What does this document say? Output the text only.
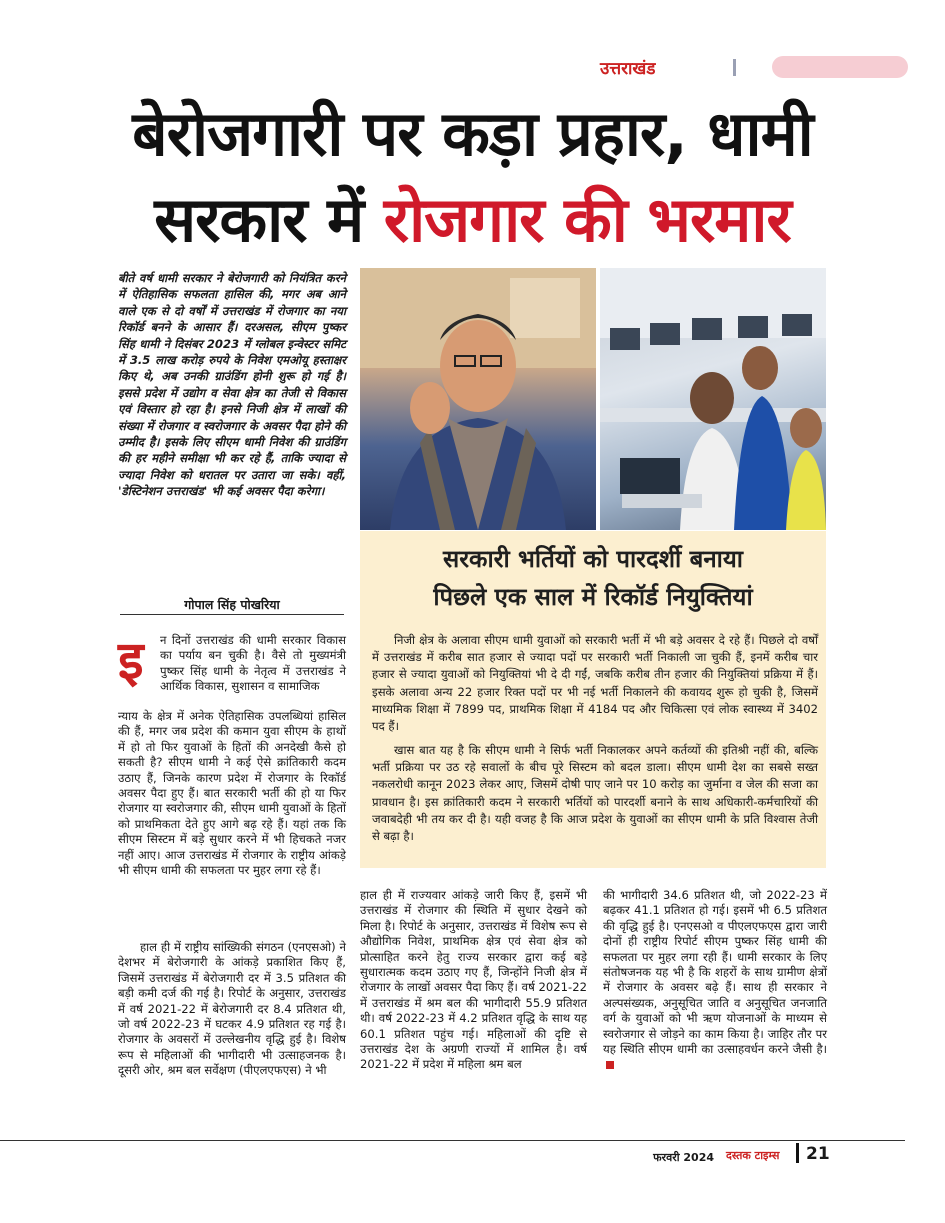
उत्तराखंड
बेरोजगारी पर कड़ा प्रहार, धामी
सरकार में रोजगार की भरमार
बीते वर्ष धामी सरकार ने बेरोजगारी को नियंत्रित करने में ऐतिहासिक सफलता हासिल की, मगर अब आने वाले एक से दो वर्षों में उत्तराखंड में रोजगार का नया रिकॉर्ड बनने के आसार हैं। दरअसल, सीएम पुष्कर सिंह धामी ने दिसंबर 2023 में ग्लोबल इन्वेस्टर समिट में 3.5 लाख करोड़ रुपये के निवेश एमओयू हस्ताक्षर किए थे, अब उनकी ग्राउंडिंग होनी शुरू हो गई है। इससे प्रदेश में उद्योग व सेवा क्षेत्र का तेजी से विकास एवं विस्तार हो रहा है। इनसे निजी क्षेत्र में लाखों की संख्या में रोजगार व स्वरोजगार के अवसर पैदा होने की उम्मीद है। इसके लिए सीएम धामी निवेश की ग्राउंडिंग की हर महीने समीक्षा भी कर रहे हैं, ताकि ज्यादा से ज्यादा निवेश को धरातल पर उतारा जा सके। वहीं, 'डेस्टिनेशन उत्तराखंड' भी कई अवसर पैदा करेगा।
गोपाल सिंह पोखरिया
सरकारी भर्तियों को पारदर्शी बनाया
पिछले एक साल में रिकॉर्ड नियुक्तियां
निजी क्षेत्र के अलावा सीएम धामी युवाओं को सरकारी भर्ती में भी बड़े अवसर दे रहे हैं। पिछले दो वर्षों में उत्तराखंड में करीब सात हजार से ज्यादा पदों पर सरकारी भर्ती निकाली जा चुकी हैं, इनमें करीब चार हजार से ज्यादा युवाओं को नियुक्तियां भी दे दी गईं, जबकि करीब तीन हजार की नियुक्तियां प्रक्रिया में हैं। इसके अलावा अन्य 22 हजार रिक्त पदों पर भी नई भर्ती निकालने की कवायद शुरू हो चुकी है, जिसमें माध्यमिक शिक्षा में 7899 पद, प्राथमिक शिक्षा में 4184 पद और चिकित्सा एवं लोक स्वास्थ्य में 3402 पद हैं।
खास बात यह है कि सीएम धामी ने सिर्फ भर्ती निकालकर अपने कर्तव्यों की इतिश्री नहीं की, बल्कि भर्ती प्रक्रिया पर उठ रहे सवालों के बीच पूरे सिस्टम को बदल डाला। सीएम धामी देश का सबसे सख्त नकलरोधी कानून 2023 लेकर आए, जिसमें दोषी पाए जाने पर 10 करोड़ का जुर्माना व जेल की सजा का प्रावधान है। इस क्रांतिकारी कदम ने सरकारी भर्तियों को पारदर्शी बनाने के साथ अधिकारी-कर्मचारियों की जवाबदेही भी तय कर दी है। यही वजह है कि आज प्रदेश के युवाओं का सीएम धामी के प्रति विश्वास तेजी से बढ़ा है।
इ	न दिनों उत्तराखंड की धामी सरकार विकास का पर्याय बन चुकी है। वैसे तो मुख्यमंत्री पुष्कर सिंह धामी के नेतृत्व में उत्तराखंड ने आर्थिक विकास, सुशासन व सामाजिक
न्याय के क्षेत्र में अनेक ऐतिहासिक उपलब्धियां हासिल की हैं, मगर जब प्रदेश की कमान युवा सीएम के हाथों में हो तो फिर युवाओं के हितों की अनदेखी कैसे हो सकती है? सीएम धामी ने कई ऐसे क्रांतिकारी कदम उठाए हैं, जिनके कारण प्रदेश में रोजगार के रिकॉर्ड अवसर पैदा हुए हैं। बात सरकारी भर्ती की हो या फिर रोजगार या स्वरोजगार की, सीएम धामी युवाओं के हितों को प्राथमिकता देते हुए आगे बढ़ रहे हैं। यहां तक कि सीएम सिस्टम में बड़े सुधार करने में भी हिचकते नजर नहीं आए। आज उत्तराखंड में रोजगार के राष्ट्रीय आंकड़े भी सीएम धामी की सफलता पर मुहर लगा रहे हैं।
हाल ही में राष्ट्रीय सांख्यिकी संगठन (एनएसओ) ने देशभर में बेरोजगारी के आंकड़े प्रकाशित किए हैं, जिसमें उत्तराखंड में बेरोजगारी दर में 3.5 प्रतिशत की बड़ी कमी दर्ज की गई है। रिपोर्ट के अनुसार, उत्तराखंड में वर्ष 2021-22 में बेरोजगारी दर 8.4 प्रतिशत थी, जो वर्ष 2022-23 में घटकर 4.9 प्रतिशत रह गई है। रोजगार के अवसरों में उल्लेखनीय वृद्धि हुई है। विशेष रूप से महिलाओं की भागीदारी भी उत्साहजनक है। दूसरी ओर, श्रम बल सर्वेक्षण (पीएलएफएस) ने भी
हाल ही में राज्यवार आंकड़े जारी किए हैं, इसमें भी उत्तराखंड में रोजगार की स्थिति में सुधार देखने को मिला है। रिपोर्ट के अनुसार, उत्तराखंड में विशेष रूप से औद्योगिक निवेश, प्राथमिक क्षेत्र एवं सेवा क्षेत्र को प्रोत्साहित करने हेतु राज्य सरकार द्वारा कई बड़े सुधारात्मक कदम उठाए गए हैं, जिन्होंने निजी क्षेत्र में रोजगार के लाखों अवसर पैदा किए हैं। वर्ष 2021-22 में उत्तराखंड में श्रम बल की भागीदारी 55.9 प्रतिशत थी। वर्ष 2022-23 में 4.2 प्रतिशत वृद्धि के साथ यह 60.1 प्रतिशत पहुंच गई। महिलाओं की दृष्टि से उत्तराखंड देश के अग्रणी राज्यों में शामिल है। वर्ष 2021-22 में प्रदेश में महिला श्रम बल
की भागीदारी 34.6 प्रतिशत थी, जो 2022-23 में बढ़कर 41.1 प्रतिशत हो गई। इसमें भी 6.5 प्रतिशत की वृद्धि हुई है। एनएसओ व पीएलएफएस द्वारा जारी दोनों ही राष्ट्रीय रिपोर्ट सीएम पुष्कर सिंह धामी की सफलता पर मुहर लगा रही हैं। धामी सरकार के लिए संतोषजनक यह भी है कि शहरों के साथ ग्रामीण क्षेत्रों में रोजगार के अवसर बढ़े हैं। साथ ही सरकार ने अल्पसंख्यक, अनुसूचित जाति व अनुसूचित जनजाति वर्ग के युवाओं को भी ऋण योजनाओं के माध्यम से स्वरोजगार से जोड़ने का काम किया है। जाहिर तौर पर यह स्थिति सीएम धामी का उत्साहवर्धन करने जैसी है।
फरवरी 2024 दस्तक टाइम्स	21
